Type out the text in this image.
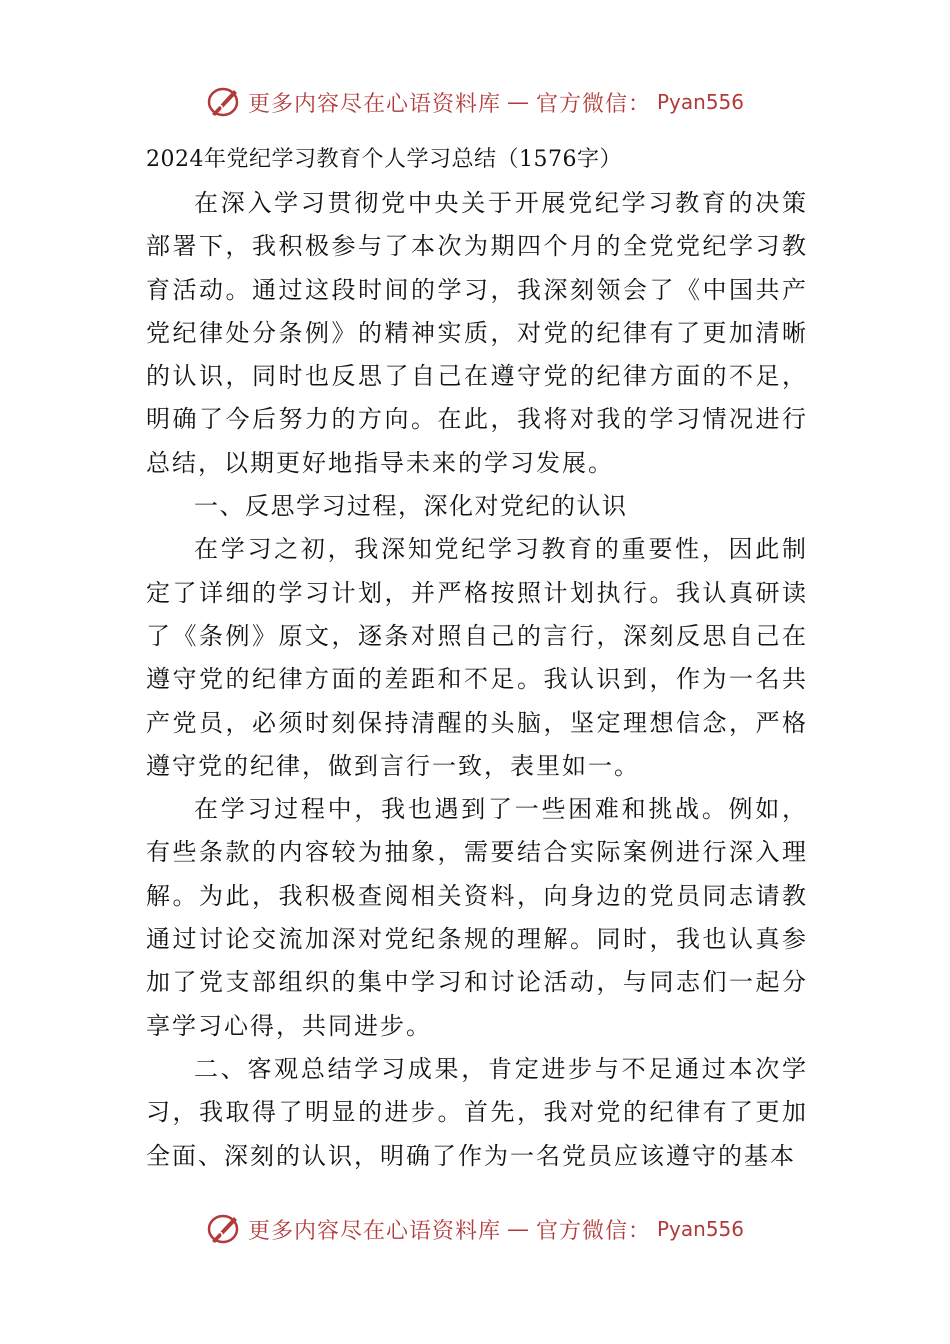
更多内容尽在心语资料库 — 官方微信： Pyan556

2024年党纪学习教育个人学习总结（1576字）

在深入学习贯彻党中央关于开展党纪学习教育的决策部署下，我积极参与了本次为期四个月的全党党纪学习教育活动。通过这段时间的学习，我深刻领会了《中国共产党纪律处分条例》的精神实质，对党的纪律有了更加清晰的认识，同时也反思了自己在遵守党的纪律方面的不足，明确了今后努力的方向。在此，我将对我的学习情况进行总结，以期更好地指导未来的学习发展。

一、反思学习过程，深化对党纪的认识

在学习之初，我深知党纪学习教育的重要性，因此制定了详细的学习计划，并严格按照计划执行。我认真研读了《条例》原文，逐条对照自己的言行，深刻反思自己在遵守党的纪律方面的差距和不足。我认识到，作为一名共产党员，必须时刻保持清醒的头脑，坚定理想信念，严格遵守党的纪律，做到言行一致，表里如一。

在学习过程中，我也遇到了一些困难和挑战。例如，有些条款的内容较为抽象，需要结合实际案例进行深入理解。为此，我积极查阅相关资料，向身边的党员同志请教通过讨论交流加深对党纪条规的理解。同时，我也认真参加了党支部组织的集中学习和讨论活动，与同志们一起分享学习心得，共同进步。

二、客观总结学习成果，肯定进步与不足通过本次学习，我取得了明显的进步。首先，我对党的纪律有了更加全面、深刻的认识，明确了作为一名党员应该遵守的基本

更多内容尽在心语资料库 — 官方微信： Pyan556
